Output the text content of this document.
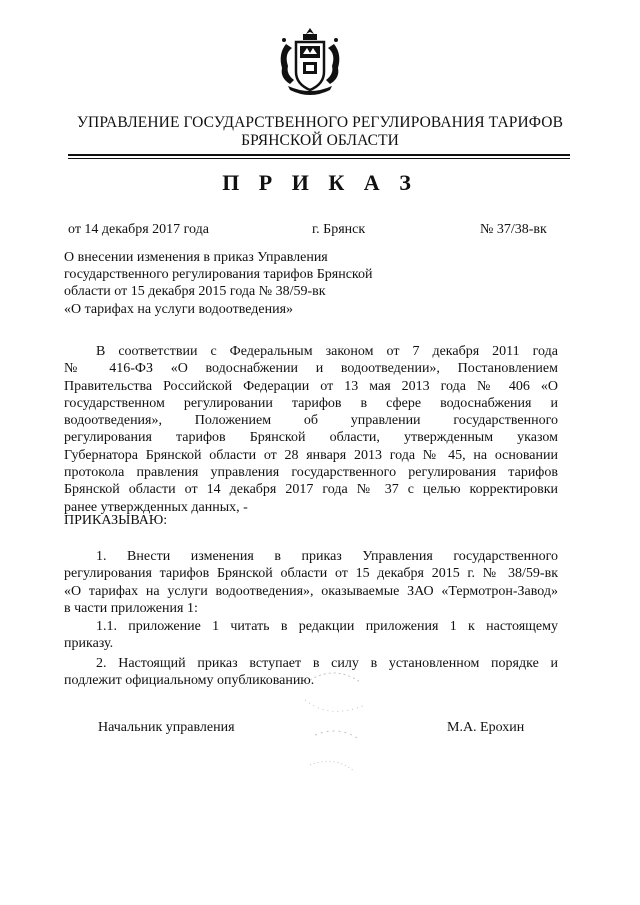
УПРАВЛЕНИЕ ГОСУДАРСТВЕННОГО РЕГУЛИРОВАНИЯ ТАРИФОВ
БРЯНСКОЙ ОБЛАСТИ
П Р И К А З
от 14 декабря 2017 года	г. Брянск	№ 37/38-вк
О внесении изменения в приказ Управления
государственного регулирования тарифов Брянской
области от 15 декабря 2015 года № 38/59-вк
«О тарифах на услуги водоотведения»
В соответствии с Федеральным законом от 7 декабря 2011 года
№ 416-ФЗ «О водоснабжении и водоотведении», Постановлением
Правительства Российской Федерации от 13 мая 2013 года № 406 «О
государственном регулировании тарифов в сфере водоснабжения и
водоотведения», Положением об управлении государственного
регулирования тарифов Брянской области, утвержденным указом
Губернатора Брянской области от 28 января 2013 года № 45, на основании
протокола правления управления государственного регулирования тарифов
Брянской области от 14 декабря 2017 года № 37 с целью корректировки
ранее утвержденных данных, -
ПРИКАЗЫВАЮ:
1. Внести изменения в приказ Управления государственного
регулирования тарифов Брянской области от 15 декабря 2015 г. № 38/59-вк
«О тарифах на услуги водоотведения», оказываемые ЗАО «Термотрон-Завод»
в части приложения 1:
1.1. приложение 1 читать в редакции приложения 1 к настоящему
приказу.
2. Настоящий приказ вступает в силу в установленном порядке и
подлежит официальному опубликованию.
Начальник управления	М.А. Ерохин
